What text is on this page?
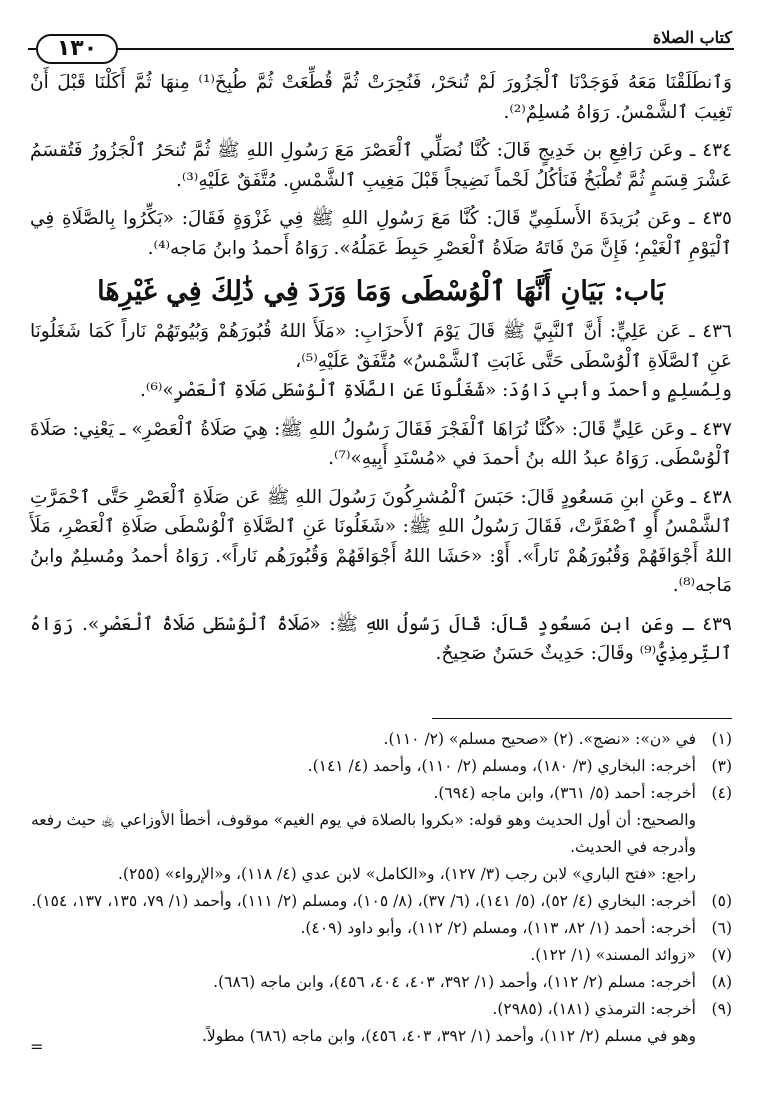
كتاب الصلاة
١٣٠

وَٱنطَلَقْنَا مَعَهُ فَوَجَدْنَا ٱلْجَزُورَ لَمْ تُنحَرْ، فَنُحِرَتْ ثُمَّ قُطِّعَتْ ثُمَّ طُبِخَ⁽¹⁾ مِنهَا ثُمَّ أَكَلْنَا قَبْلَ أَنْ تَغِيبَ ٱلشَّمْسُ. رَوَاهُ مُسلِمٌ⁽²⁾.

٤٣٤ ـ وعَن رَافِعِ بن خَدِيجٍ قَالَ: كُنَّا نُصَلِّي ٱلْعَصْرَ مَعَ رَسُولِ اللهِ ﷺ ثُمَّ تُنحَرُ ٱلْجَزُورُ فَتُقسَمُ عَشْرَ قِسَمٍ ثُمَّ تُطْبَخُ فَنَأكُلُ لَحْماً نَضِيجاً قَبْلَ مَغِيبِ ٱلشَّمْسِ. مُتَّفَقٌ عَلَيْهِ⁽³⁾.

٤٣٥ ـ وعَن بُرَيدَةَ الأَسلَمِيِّ قَالَ: كُنَّا مَعَ رَسُولِ اللهِ ﷺ فِي غَزْوَةٍ فَقَالَ: «بَكِّرُوا بِالصَّلَاةِ فِي ٱلْيَوْمِ ٱلْغَيْمِ؛ فَإِنَّ مَنْ فَاتَهُ صَلَاةُ ٱلْعَصْرِ حَبِطَ عَمَلُهُ». رَوَاهُ أَحمدُ وابنُ مَاجه⁽⁴⁾.

بَاب: بَيَانِ أَنَّهَا ٱلْوُسْطَى وَمَا وَرَدَ فِي ذَٰلِكَ فِي غَيْرِهَا

٤٣٦ ـ عَن عَلِيٍّ: أَنَّ ٱلنَّبِيَّ ﷺ قَالَ يَوْمَ ٱلأَحزَابِ: «مَلَأَ اللهُ قُبُورَهُمْ وَبُيُوتَهُمْ نَاراً كَمَا شَغَلُونَا عَنِ ٱلصَّلَاةِ ٱلْوُسْطَى حَتَّى غَابَتِ ٱلشَّمْسُ» مُتَّفَقٌ عَلَيْهِ⁽⁵⁾،

ولِمُسلِمٍ وأحمدَ وأبي دَاوُدَ: «شَغَلُونَا عَنِ الصَّلَاةِ ٱلْوُسْطَى صَلَاةِ ٱلْعَصْرِ»⁽⁶⁾.

٤٣٧ ـ وعَن عَلِيٍّ قَالَ: «كُنَّا نُرَاهَا ٱلْفَجْرَ فَقَالَ رَسُولُ اللهِ ﷺ: هِيَ صَلَاةُ ٱلْعَصْرِ» ـ يَعْنِي: صَلَاةَ ٱلْوُسْطَى. رَوَاهُ عبدُ الله بنُ أحمدَ في «مُسْنَدِ أَبِيهِ»⁽⁷⁾.

٤٣٨ ـ وعَنِ ابنِ مَسعُودٍ قَالَ: حَبَسَ ٱلْمُشرِكُونَ رَسُولَ اللهِ ﷺ عَن صَلَاةِ ٱلْعَصْرِ حَتَّى ٱحْمَرَّتِ ٱلشَّمْسُ أَوِ ٱصْفَرَّتْ، فَقَالَ رَسُولُ اللهِ ﷺ: «شَغَلُونَا عَنِ ٱلصَّلَاةِ ٱلْوُسْطَى صَلَاةِ ٱلْعَصْرِ، مَلَأَ اللهُ أَجْوَافَهُمْ وَقُبُورَهُمْ نَاراً». أَوْ: «حَشَا اللهُ أَجْوَافَهُمْ وَقُبُورَهُم نَاراً». رَوَاهُ أحمدُ ومُسلِمٌ وابنُ مَاجه⁽⁸⁾.

٤٣٩ ـ وعَنِ ابنِ مَسعُودٍ قَالَ: قَالَ رَسُولُ اللهِ ﷺ: «صَلَاةُ ٱلْوُسْطَى صَلَاةُ ٱلْعَصْرِ». رَوَاهُ ٱلتِّرمِذِيُّ⁽⁹⁾ وقَالَ: حَدِيثٌ حَسَنٌ صَحِيحٌ.

(١)
في «ن»: «نضج». (٢) «صحيح مسلم» (٢/ ١١٠).
(٣)
أخرجه: البخاري (٣/ ١٨٠)، ومسلم (٢/ ١١٠)، وأحمد (٤/ ١٤١).
(٤)
أخرجه: أحمد (٥/ ٣٦١)، وابن ماجه (٦٩٤).
والصحيح: أن أول الحديث وهو قوله: «بكروا بالصلاة في يوم الغيم» موقوف، أخطأ الأوزاعي ﵀ حيث رفعه وأدرجه في الحديث.
راجع: «فتح الباري» لابن رجب (٣/ ١٢٧)، و«الكامل» لابن عدي (٤/ ١١٨)، و«الإرواء» (٢٥٥).
(٥)
أخرجه: البخاري (٤/ ٥٢)، (٥/ ١٤١)، (٦/ ٣٧)، (٨/ ١٠٥)، ومسلم (٢/ ١١١)، وأحمد (١/ ٧٩، ١٣٥، ١٣٧، ١٥٤).
(٦)
أخرجه: أحمد (١/ ٨٢، ١١٣)، ومسلم (٢/ ١١٢)، وأبو داود (٤٠٩).
(٧)
«زوائد المسند» (١/ ١٢٢).
(٨)
أخرجه: مسلم (٢/ ١١٢)، وأحمد (١/ ٣٩٢، ٤٠٣، ٤٠٤، ٤٥٦)، وابن ماجه (٦٨٦).
(٩)
أخرجه: الترمذي (١٨١)، (٢٩٨٥).
وهو في مسلم (٢/ ١١٢)، وأحمد (١/ ٣٩٢، ٤٠٣، ٤٥٦)، وابن ماجه (٦٨٦) مطولاً.
=
